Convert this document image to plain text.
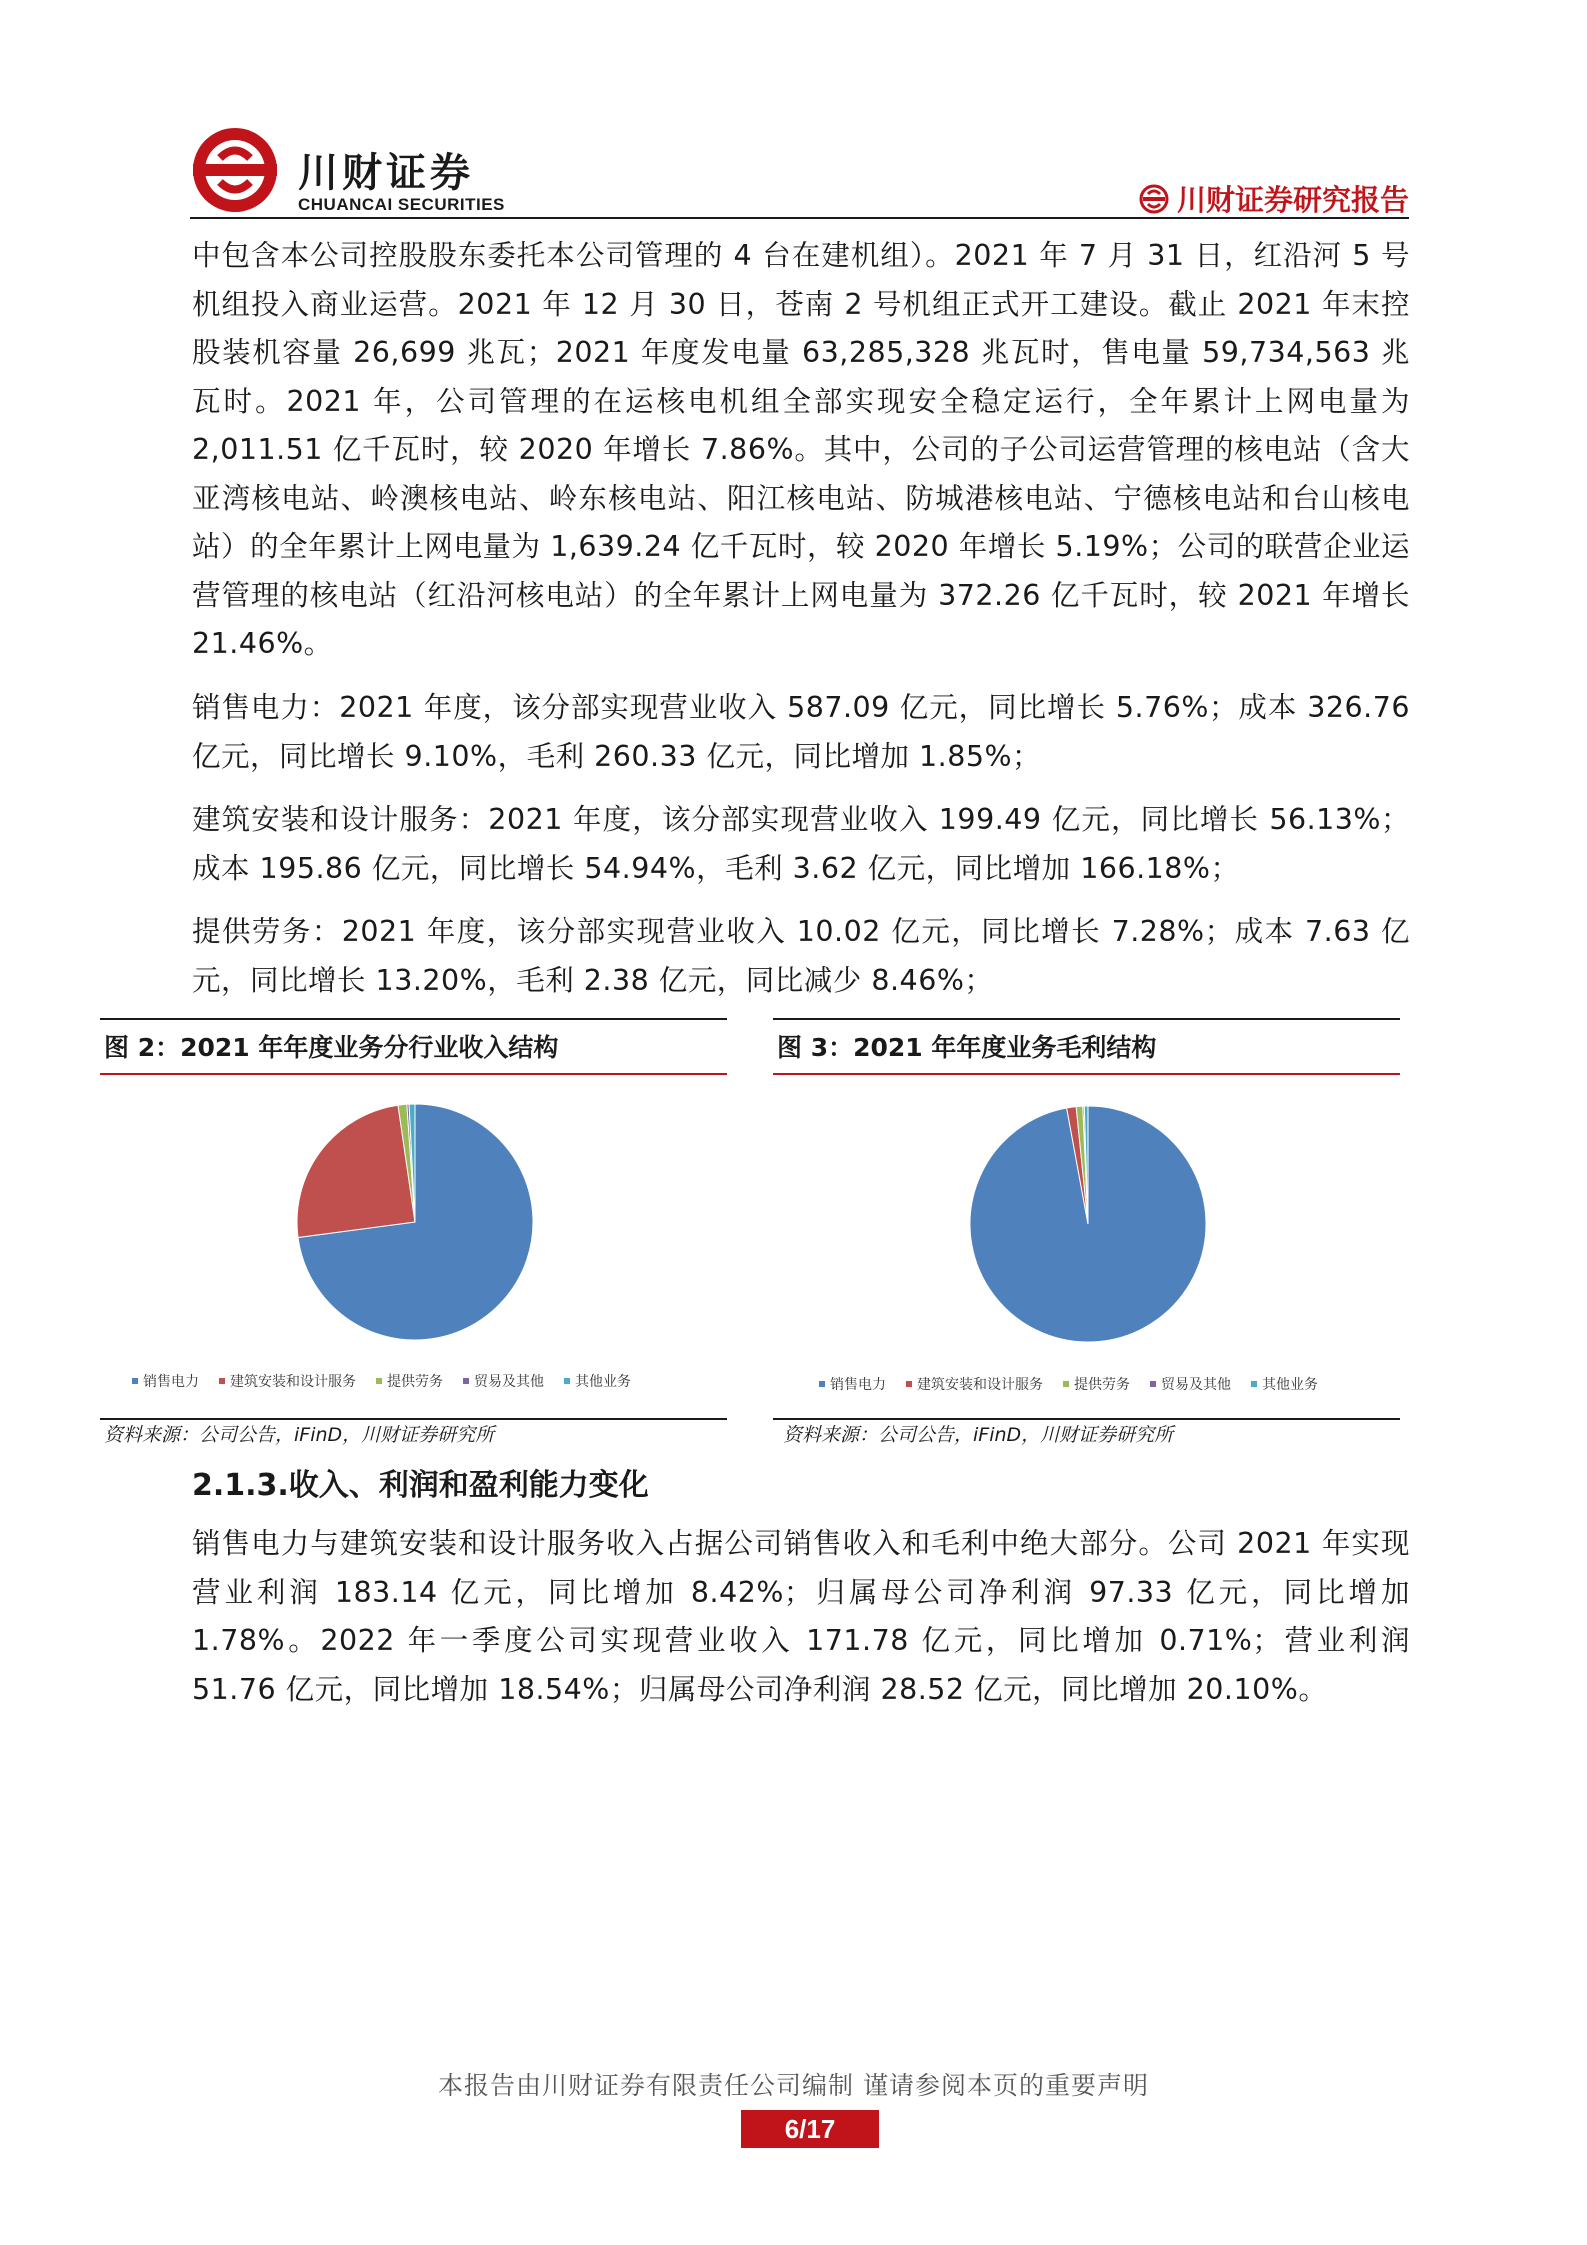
川财证券
CHUANCAI SECURITIES	川财证券研究报告
中包含本公司控股股东委托本公司管理的 4 台在建机组）。2021 年 7 月 31 日，红沿河 5 号机组投入商业运营。2021 年 12 月 30 日，苍南 2 号机组正式开工建设。截止 2021 年末控股装机容量 26,699 兆瓦；2021 年度发电量 63,285,328 兆瓦时，售电量 59,734,563 兆瓦时。2021 年，公司管理的在运核电机组全部实现安全稳定运行，全年累计上网电量为 2,011.51 亿千瓦时，较 2020 年增长 7.86%。其中，公司的子公司运营管理的核电站（含大亚湾核电站、岭澳核电站、岭东核电站、阳江核电站、防城港核电站、宁德核电站和台山核电站）的全年累计上网电量为 1,639.24 亿千瓦时，较 2020 年增长 5.19%；公司的联营企业运营管理的核电站（红沿河核电站）的全年累计上网电量为 372.26 亿千瓦时，较 2021 年增长 21.46%。
销售电力：2021 年度，该分部实现营业收入 587.09 亿元，同比增长 5.76%；成本 326.76 亿元，同比增长 9.10%，毛利 260.33 亿元，同比增加 1.85%；
建筑安装和设计服务：2021 年度，该分部实现营业收入 199.49 亿元，同比增长 56.13%；成本 195.86 亿元，同比增长 54.94%，毛利 3.62 亿元，同比增加 166.18%；
提供劳务：2021 年度，该分部实现营业收入 10.02 亿元，同比增长 7.28%；成本 7.63 亿元，同比增长 13.20%，毛利 2.38 亿元，同比减少 8.46%；
图 2：2021 年年度业务分行业收入结构
销售电力 建筑安装和设计服务 提供劳务 贸易及其他 其他业务
资料来源：公司公告，iFinD，川财证券研究所
图 3：2021 年年度业务毛利结构
销售电力 建筑安装和设计服务 提供劳务 贸易及其他 其他业务
资料来源：公司公告，iFinD，川财证券研究所
2.1.3.收入、利润和盈利能力变化
销售电力与建筑安装和设计服务收入占据公司销售收入和毛利中绝大部分。公司 2021 年实现营业利润 183.14 亿元，同比增加 8.42%；归属母公司净利润 97.33 亿元，同比增加 1.78%。2022 年一季度公司实现营业收入 171.78 亿元，同比增加 0.71%；营业利润 51.76 亿元，同比增加 18.54%；归属母公司净利润 28.52 亿元，同比增加 20.10%。
本报告由川财证券有限责任公司编制 谨请参阅本页的重要声明
6/17
